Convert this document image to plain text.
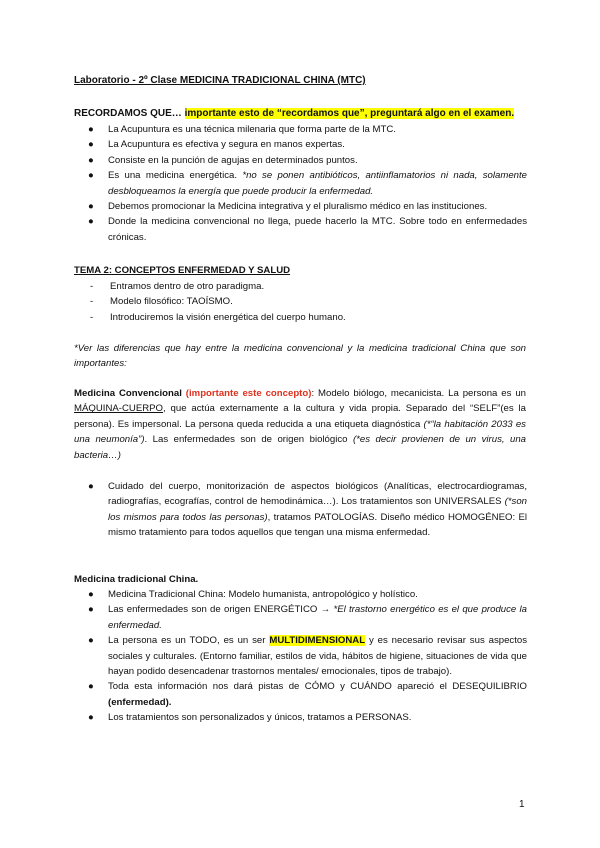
Laboratorio - 2º Clase MEDICINA TRADICIONAL CHINA (MTC)
RECORDAMOS QUE… importante esto de “recordamos que”, preguntará algo en el examen.
● La Acupuntura es una técnica milenaria que forma parte de la MTC.
● La Acupuntura es efectiva y segura en manos expertas.
● Consiste en la punción de agujas en determinados puntos.
● Es una medicina energética. *no se ponen antibióticos, antiinflamatorios ni nada, solamente desbloqueamos la energía que puede producir la enfermedad.
● Debemos promocionar la Medicina integrativa y el pluralismo médico en las instituciones.
● Donde la medicina convencional no llega, puede hacerlo la MTC. Sobre todo en enfermedades crónicas.
TEMA 2: CONCEPTOS ENFERMEDAD Y SALUD
- Entramos dentro de otro paradigma.
- Modelo filosófico: TAOÍSMO.
- Introduciremos la visión energética del cuerpo humano.
*Ver las diferencias que hay entre la medicina convencional y la medicina tradicional China que son importantes:
Medicina Convencional (importante este concepto): Modelo biólogo, mecanicista. La persona es un MÁQUINA-CUERPO, que actúa externamente a la cultura y vida propia. Separado del “SELF”(es la persona). Es impersonal. La persona queda reducida a una etiqueta diagnóstica (*“la habitación 2033 es una neumonía”). Las enfermedades son de origen biológico (*es decir provienen de un virus, una bacteria…)
● Cuidado del cuerpo, monitorización de aspectos biológicos (Analíticas, electrocardiogramas, radiografías, ecografías, control de hemodinámica…). Los tratamientos son UNIVERSALES (*son los mismos para todos las personas), tratamos PATOLOGÍAS. Diseño médico HOMOGÉNEO: El mismo tratamiento para todos aquellos que tengan una misma enfermedad.
Medicina tradicional China.
● Medicina Tradicional China: Modelo humanista, antropológico y holístico.
● Las enfermedades son de origen ENERGÉTICO → *El trastorno energético es el que produce la enfermedad.
● La persona es un TODO, es un ser MULTIDIMENSIONAL y es necesario revisar sus aspectos sociales y culturales. (Entorno familiar, estilos de vida, hábitos de higiene, situaciones de vida que hayan podido desencadenar trastornos mentales/ emocionales, tipos de trabajo).
● Toda esta información nos dará pistas de CÓMO y CUÁNDO apareció el DESEQUILIBRIO (enfermedad).
● Los tratamientos son personalizados y únicos, tratamos a PERSONAS.
1
